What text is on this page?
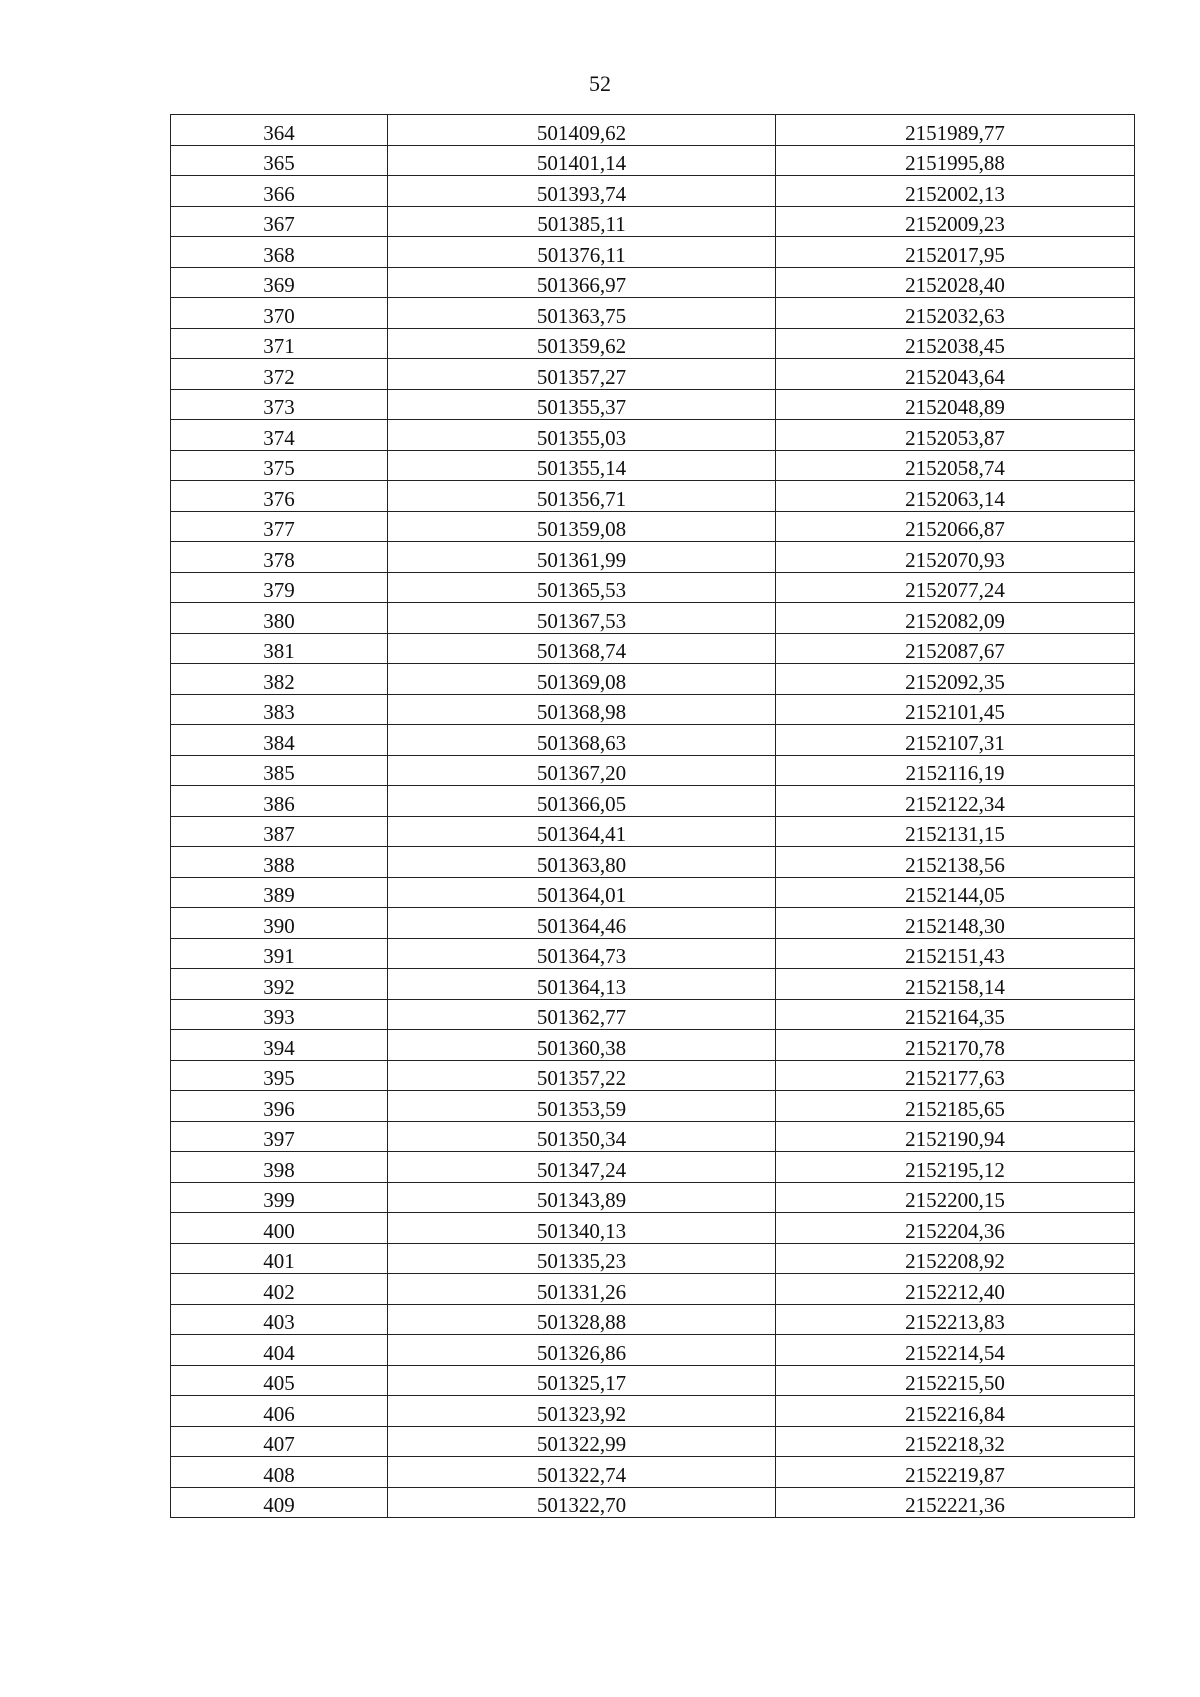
52
364	501409,62	2151989,77
365	501401,14	2151995,88
366	501393,74	2152002,13
367	501385,11	2152009,23
368	501376,11	2152017,95
369	501366,97	2152028,40
370	501363,75	2152032,63
371	501359,62	2152038,45
372	501357,27	2152043,64
373	501355,37	2152048,89
374	501355,03	2152053,87
375	501355,14	2152058,74
376	501356,71	2152063,14
377	501359,08	2152066,87
378	501361,99	2152070,93
379	501365,53	2152077,24
380	501367,53	2152082,09
381	501368,74	2152087,67
382	501369,08	2152092,35
383	501368,98	2152101,45
384	501368,63	2152107,31
385	501367,20	2152116,19
386	501366,05	2152122,34
387	501364,41	2152131,15
388	501363,80	2152138,56
389	501364,01	2152144,05
390	501364,46	2152148,30
391	501364,73	2152151,43
392	501364,13	2152158,14
393	501362,77	2152164,35
394	501360,38	2152170,78
395	501357,22	2152177,63
396	501353,59	2152185,65
397	501350,34	2152190,94
398	501347,24	2152195,12
399	501343,89	2152200,15
400	501340,13	2152204,36
401	501335,23	2152208,92
402	501331,26	2152212,40
403	501328,88	2152213,83
404	501326,86	2152214,54
405	501325,17	2152215,50
406	501323,92	2152216,84
407	501322,99	2152218,32
408	501322,74	2152219,87
409	501322,70	2152221,36
